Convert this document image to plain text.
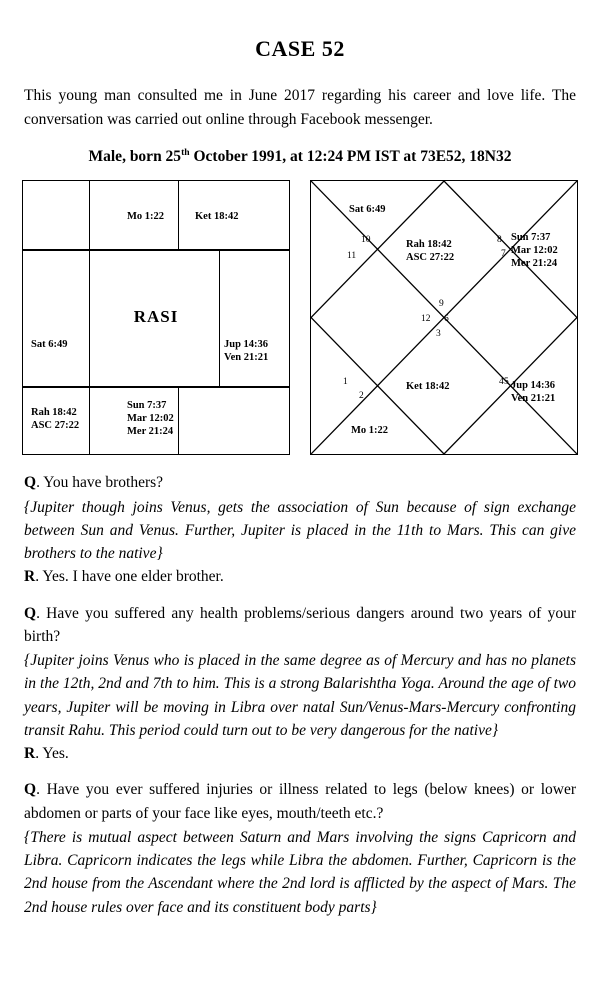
CASE 52
This young man consulted me in June 2017 regarding his career and love life. The conversation was carried out online through Facebook messenger.
Male, born 25th October 1991, at 12:24 PM IST at 73E52, 18N32
RASI
Mo 1:22	Ket 18:42
Sat 6:49	Jup 14:36
Ven 21:21
Rah 18:42
ASC 27:22
Sun 7:37
Mar 12:02
Mer 21:24
Sat 6:49
Rah 18:42
ASC 27:22
Sun 7:37
Mar 12:02
Mer 21:24
Ket 18:42	Jup 14:36
Ven 21:21
Mo 1:22
10
11
8
7
9
12 6
3
1
2
4 5

Q. You have brothers?

{Jupiter though joins Venus, gets the association of Sun because of sign exchange between Sun and Venus. Further, Jupiter is placed in the 11th to Mars. This can give brothers to the native}

R. Yes. I have one elder brother.

Q. Have you suffered any health problems/serious dangers around two years of your birth?

{Jupiter joins Venus who is placed in the same degree as of Mercury and has no planets in the 12th, 2nd and 7th to him. This is a strong Balarishtha Yoga. Around the age of two years, Jupiter will be moving in Libra over natal Sun/Venus-Mars-Mercury confronting transit Rahu. This period could turn out to be very dangerous for the native}

R. Yes.

Q. Have you ever suffered injuries or illness related to legs (below knees) or lower abdomen or parts of your face like eyes, mouth/teeth etc.?

{There is mutual aspect between Saturn and Mars involving the signs Capricorn and Libra. Capricorn indicates the legs while Libra the abdomen. Further, Capricorn is the 2nd house from the Ascendant where the 2nd lord is afflicted by the aspect of Mars. The 2nd house rules over face and its constituent body parts}
